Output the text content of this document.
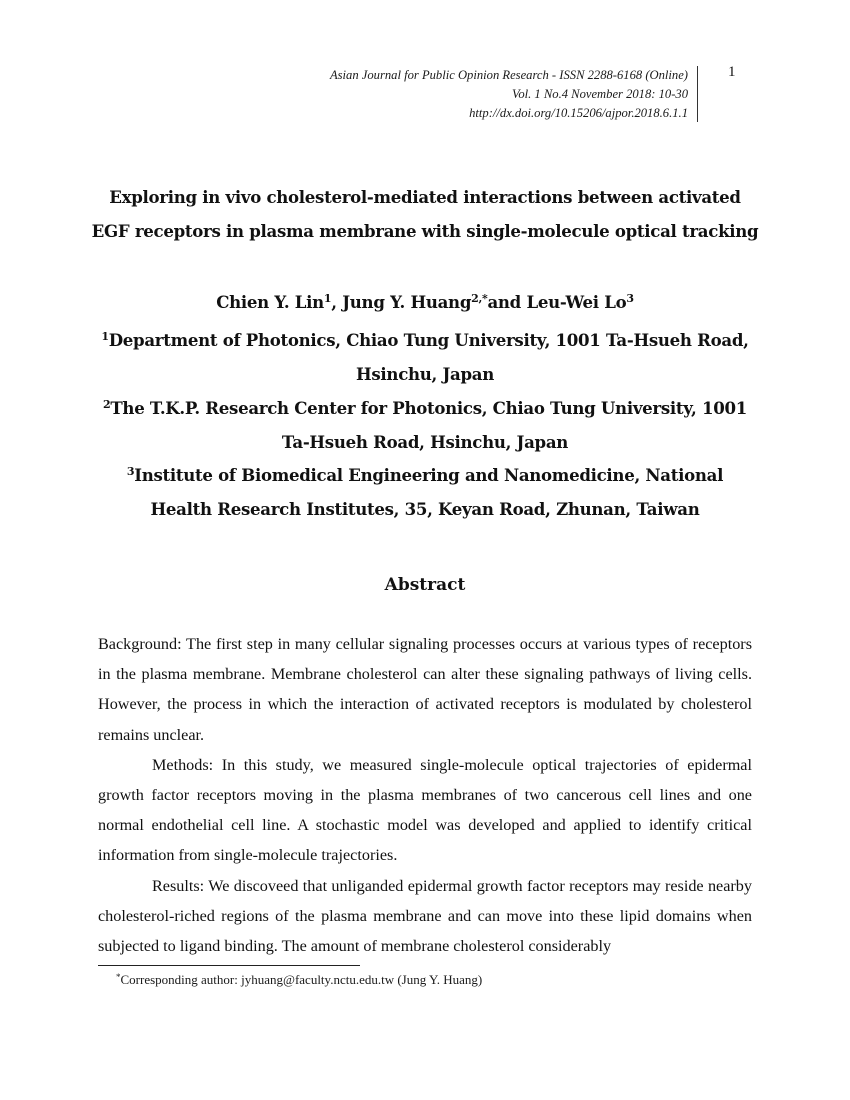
Asian Journal for Public Opinion Research - ISSN 2288-6168 (Online)
Vol. 1 No.4 November 2018: 10-30
http://dx.doi.org/10.15206/ajpor.2018.6.1.1
1
Exploring in vivo cholesterol-mediated interactions between activated
EGF receptors in plasma membrane with single-molecule optical tracking
Chien Y. Lin$^1$, Jung Y. Huang$^{2,*}$and Leu-Wei Lo$^3$
$^1$Department of Photonics, Chiao Tung University, 1001 Ta-Hsueh Road,
Hsinchu, Japan
$^2$The T.K.P. Research Center for Photonics, Chiao Tung University, 1001
Ta-Hsueh Road, Hsinchu, Japan
$^3$Institute of Biomedical Engineering and Nanomedicine, National
Health Research Institutes, 35, Keyan Road, Zhunan, Taiwan
Abstract

Background: The first step in many cellular signaling processes occurs at various types of receptors in the plasma membrane. Membrane cholesterol can alter these signaling pathways of living cells. However, the process in which the interaction of activated receptors is modulated by cholesterol remains unclear.

Methods: In this study, we measured single-molecule optical trajectories of epidermal growth factor receptors moving in the plasma membranes of two cancerous cell lines and one normal endothelial cell line. A stochastic model was developed and applied to identify critical information from single-molecule trajectories.

Results: We discoveed that unliganded epidermal growth factor receptors may reside nearby cholesterol-riched regions of the plasma membrane and can move into these lipid domains when subjected to ligand binding. The amount of membrane cholesterol considerably

*Corresponding author: jyhuang@faculty.nctu.edu.tw (Jung Y. Huang)
